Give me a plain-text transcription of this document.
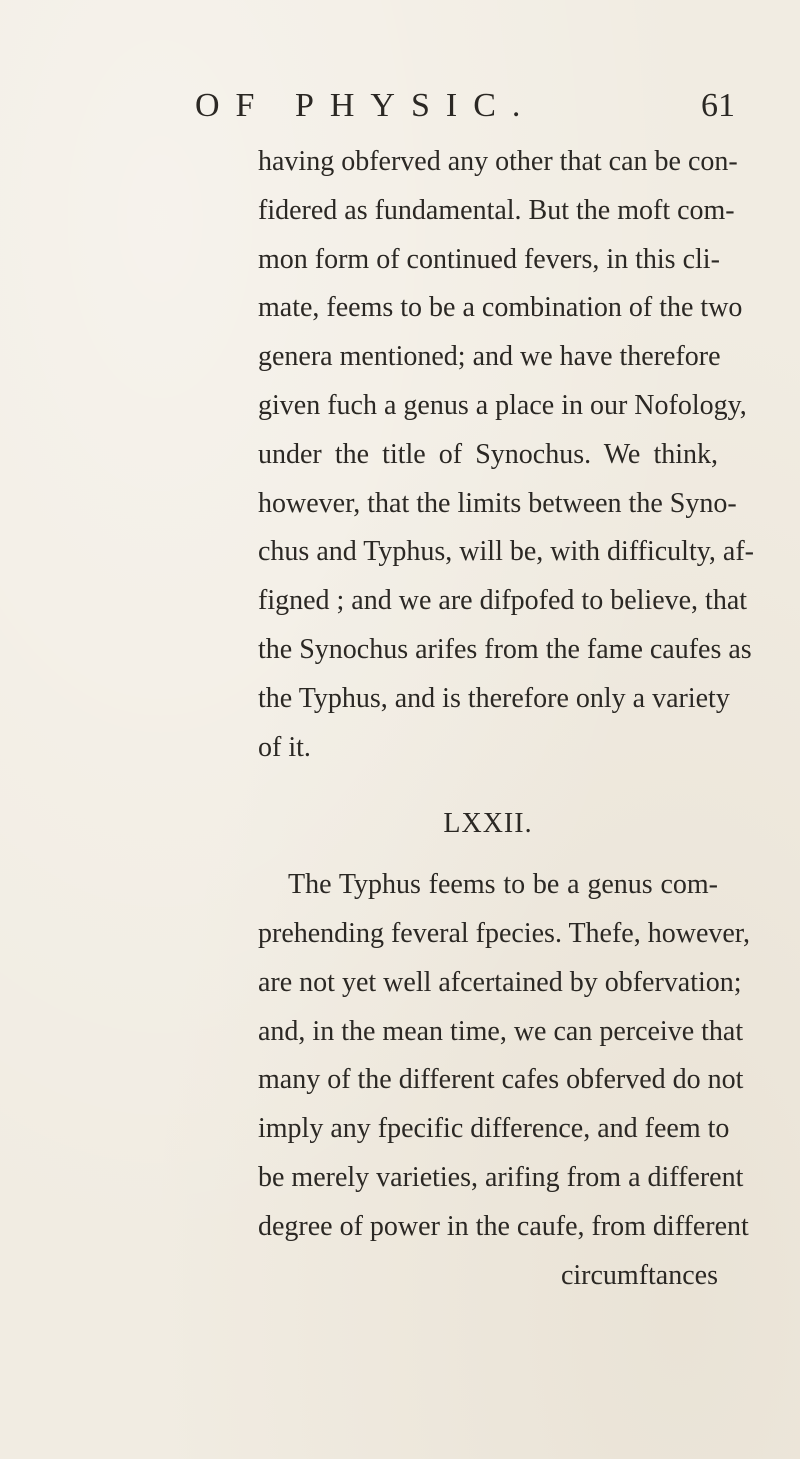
OF PHYSIC.	61
having obferved any other that can be con-
fidered as fundamental. But the moft com-
mon form of continued fevers, in this cli-
mate, feems to be a combination of the two
genera mentioned; and we have therefore
given fuch a genus a place in our Nofology,
under the title of Synochus. We think,
however, that the limits between the Syno-
chus and Typhus, will be, with difficulty, af-
figned ; and we are difpofed to believe, that
the Synochus arifes from the fame caufes as
the Typhus, and is therefore only a variety
of it.
LXXII.
The Typhus feems to be a genus com-
prehending feveral fpecies. Thefe, however,
are not yet well afcertained by obfervation;
and, in the mean time, we can perceive that
many of the different cafes obferved do not
imply any fpecific difference, and feem to
be merely varieties, arifing from a different
degree of power in the caufe, from different
circumftances
